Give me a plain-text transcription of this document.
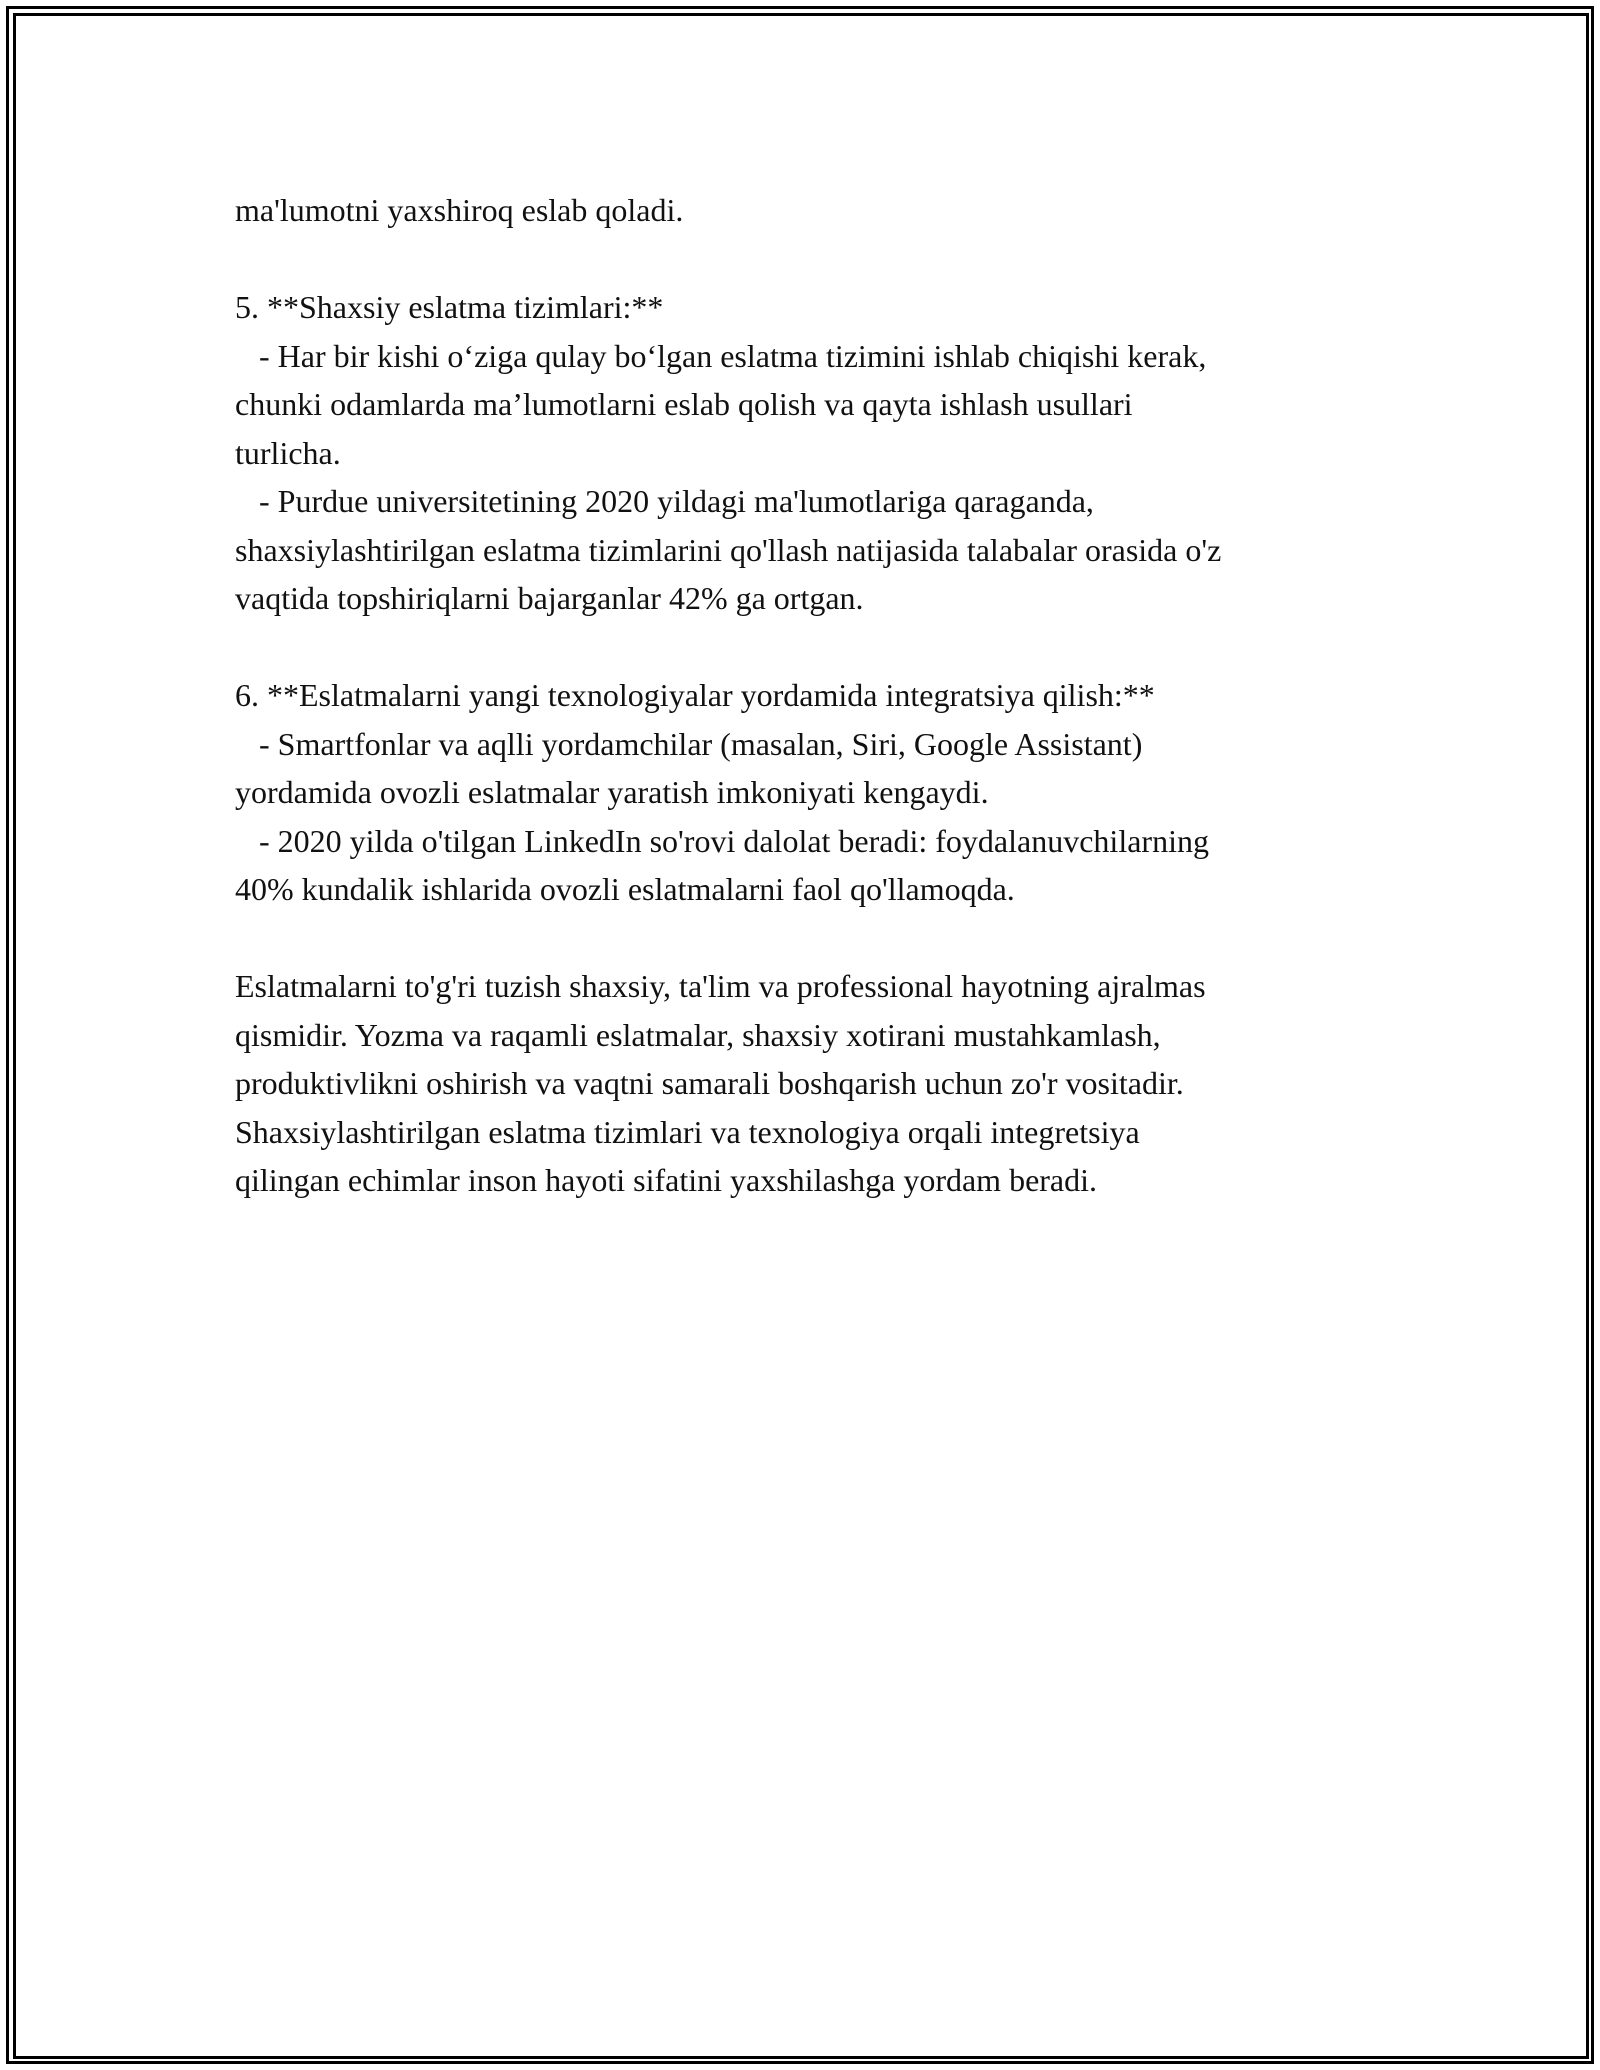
ma'lumotni yaxshiroq eslab qoladi.

5. **Shaxsiy eslatma tizimlari:**

- Har bir kishi o‘ziga qulay bo‘lgan eslatma tizimini ishlab chiqishi kerak,

chunki odamlarda ma’lumotlarni eslab qolish va qayta ishlash usullari

turlicha.

- Purdue universitetining 2020 yildagi ma'lumotlariga qaraganda,

shaxsiylashtirilgan eslatma tizimlarini qo'llash natijasida talabalar orasida o'z

vaqtida topshiriqlarni bajarganlar 42% ga ortgan.

6. **Eslatmalarni yangi texnologiyalar yordamida integratsiya qilish:**

- Smartfonlar va aqlli yordamchilar (masalan, Siri, Google Assistant)

yordamida ovozli eslatmalar yaratish imkoniyati kengaydi.

- 2020 yilda o'tilgan LinkedIn so'rovi dalolat beradi: foydalanuvchilarning

40% kundalik ishlarida ovozli eslatmalarni faol qo'llamoqda.

Eslatmalarni to'g'ri tuzish shaxsiy, ta'lim va professional hayotning ajralmas

qismidir. Yozma va raqamli eslatmalar, shaxsiy xotirani mustahkamlash,

produktivlikni oshirish va vaqtni samarali boshqarish uchun zo'r vositadir.

Shaxsiylashtirilgan eslatma tizimlari va texnologiya orqali integretsiya

qilingan echimlar inson hayoti sifatini yaxshilashga yordam beradi.
